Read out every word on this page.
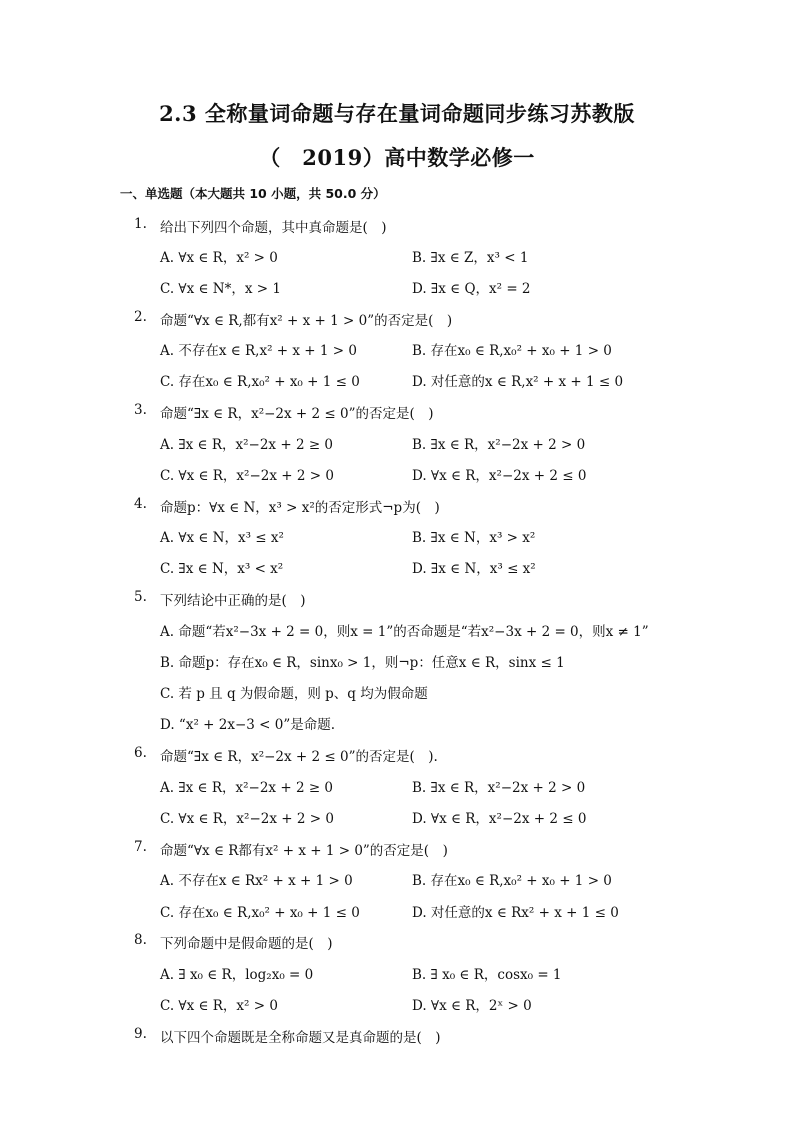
2.3 全称量词命题与存在量词命题同步练习苏教版
（　2019）高中数学必修一
一、单选题（本大题共 10 小题，共 50.0 分）
1. 给出下列四个命题，其中真命题是(　)
A. ∀x ∈ R，x² > 0	B. ∃x ∈ Z，x³ < 1
C. ∀x ∈ N*，x > 1	D. ∃x ∈ Q，x² = 2
2. 命题“∀x ∈ R,都有x² + x + 1 > 0”的否定是(　)
A. 不存在x ∈ R,x² + x + 1 > 0	B. 存在x₀ ∈ R,x₀² + x₀ + 1 > 0
C. 存在x₀ ∈ R,x₀² + x₀ + 1 ≤ 0	D. 对任意的x ∈ R,x² + x + 1 ≤ 0
3. 命题“∃x ∈ R，x²−2x + 2 ≤ 0”的否定是(　)
A. ∃x ∈ R，x²−2x + 2 ≥ 0	B. ∃x ∈ R，x²−2x + 2 > 0
C. ∀x ∈ R，x²−2x + 2 > 0	D. ∀x ∈ R，x²−2x + 2 ≤ 0
4. 命题p：∀x ∈ N，x³ > x²的否定形式¬p为(　)
A. ∀x ∈ N，x³ ≤ x²	B. ∃x ∈ N，x³ > x²
C. ∃x ∈ N，x³ < x²	D. ∃x ∈ N，x³ ≤ x²
5. 下列结论中正确的是(　)
A. 命题“若x²−3x + 2 = 0，则x = 1”的否命题是“若x²−3x + 2 = 0，则x ≠ 1”
B. 命题p：存在x₀ ∈ R，sinx₀ > 1，则¬p：任意x ∈ R，sinx ≤ 1
C. 若 p 且 q 为假命题，则 p、q 均为假命题
D. “x² + 2x−3 < 0”是命题.
6. 命题“∃x ∈ R，x²−2x + 2 ≤ 0”的否定是(　).
A. ∃x ∈ R，x²−2x + 2 ≥ 0	B. ∃x ∈ R，x²−2x + 2 > 0
C. ∀x ∈ R，x²−2x + 2 > 0	D. ∀x ∈ R，x²−2x + 2 ≤ 0
7. 命题“∀x ∈ R都有x² + x + 1 > 0”的否定是(　)
A. 不存在x ∈ Rx² + x + 1 > 0	B. 存在x₀ ∈ R,x₀² + x₀ + 1 > 0
C. 存在x₀ ∈ R,x₀² + x₀ + 1 ≤ 0	D. 对任意的x ∈ Rx² + x + 1 ≤ 0
8. 下列命题中是假命题的是(　)
A. ∃ x₀ ∈ R，log₂x₀ = 0	B. ∃ x₀ ∈ R，cosx₀ = 1
C. ∀x ∈ R，x² > 0	D. ∀x ∈ R，2ˣ > 0
9. 以下四个命题既是全称命题又是真命题的是(　)
